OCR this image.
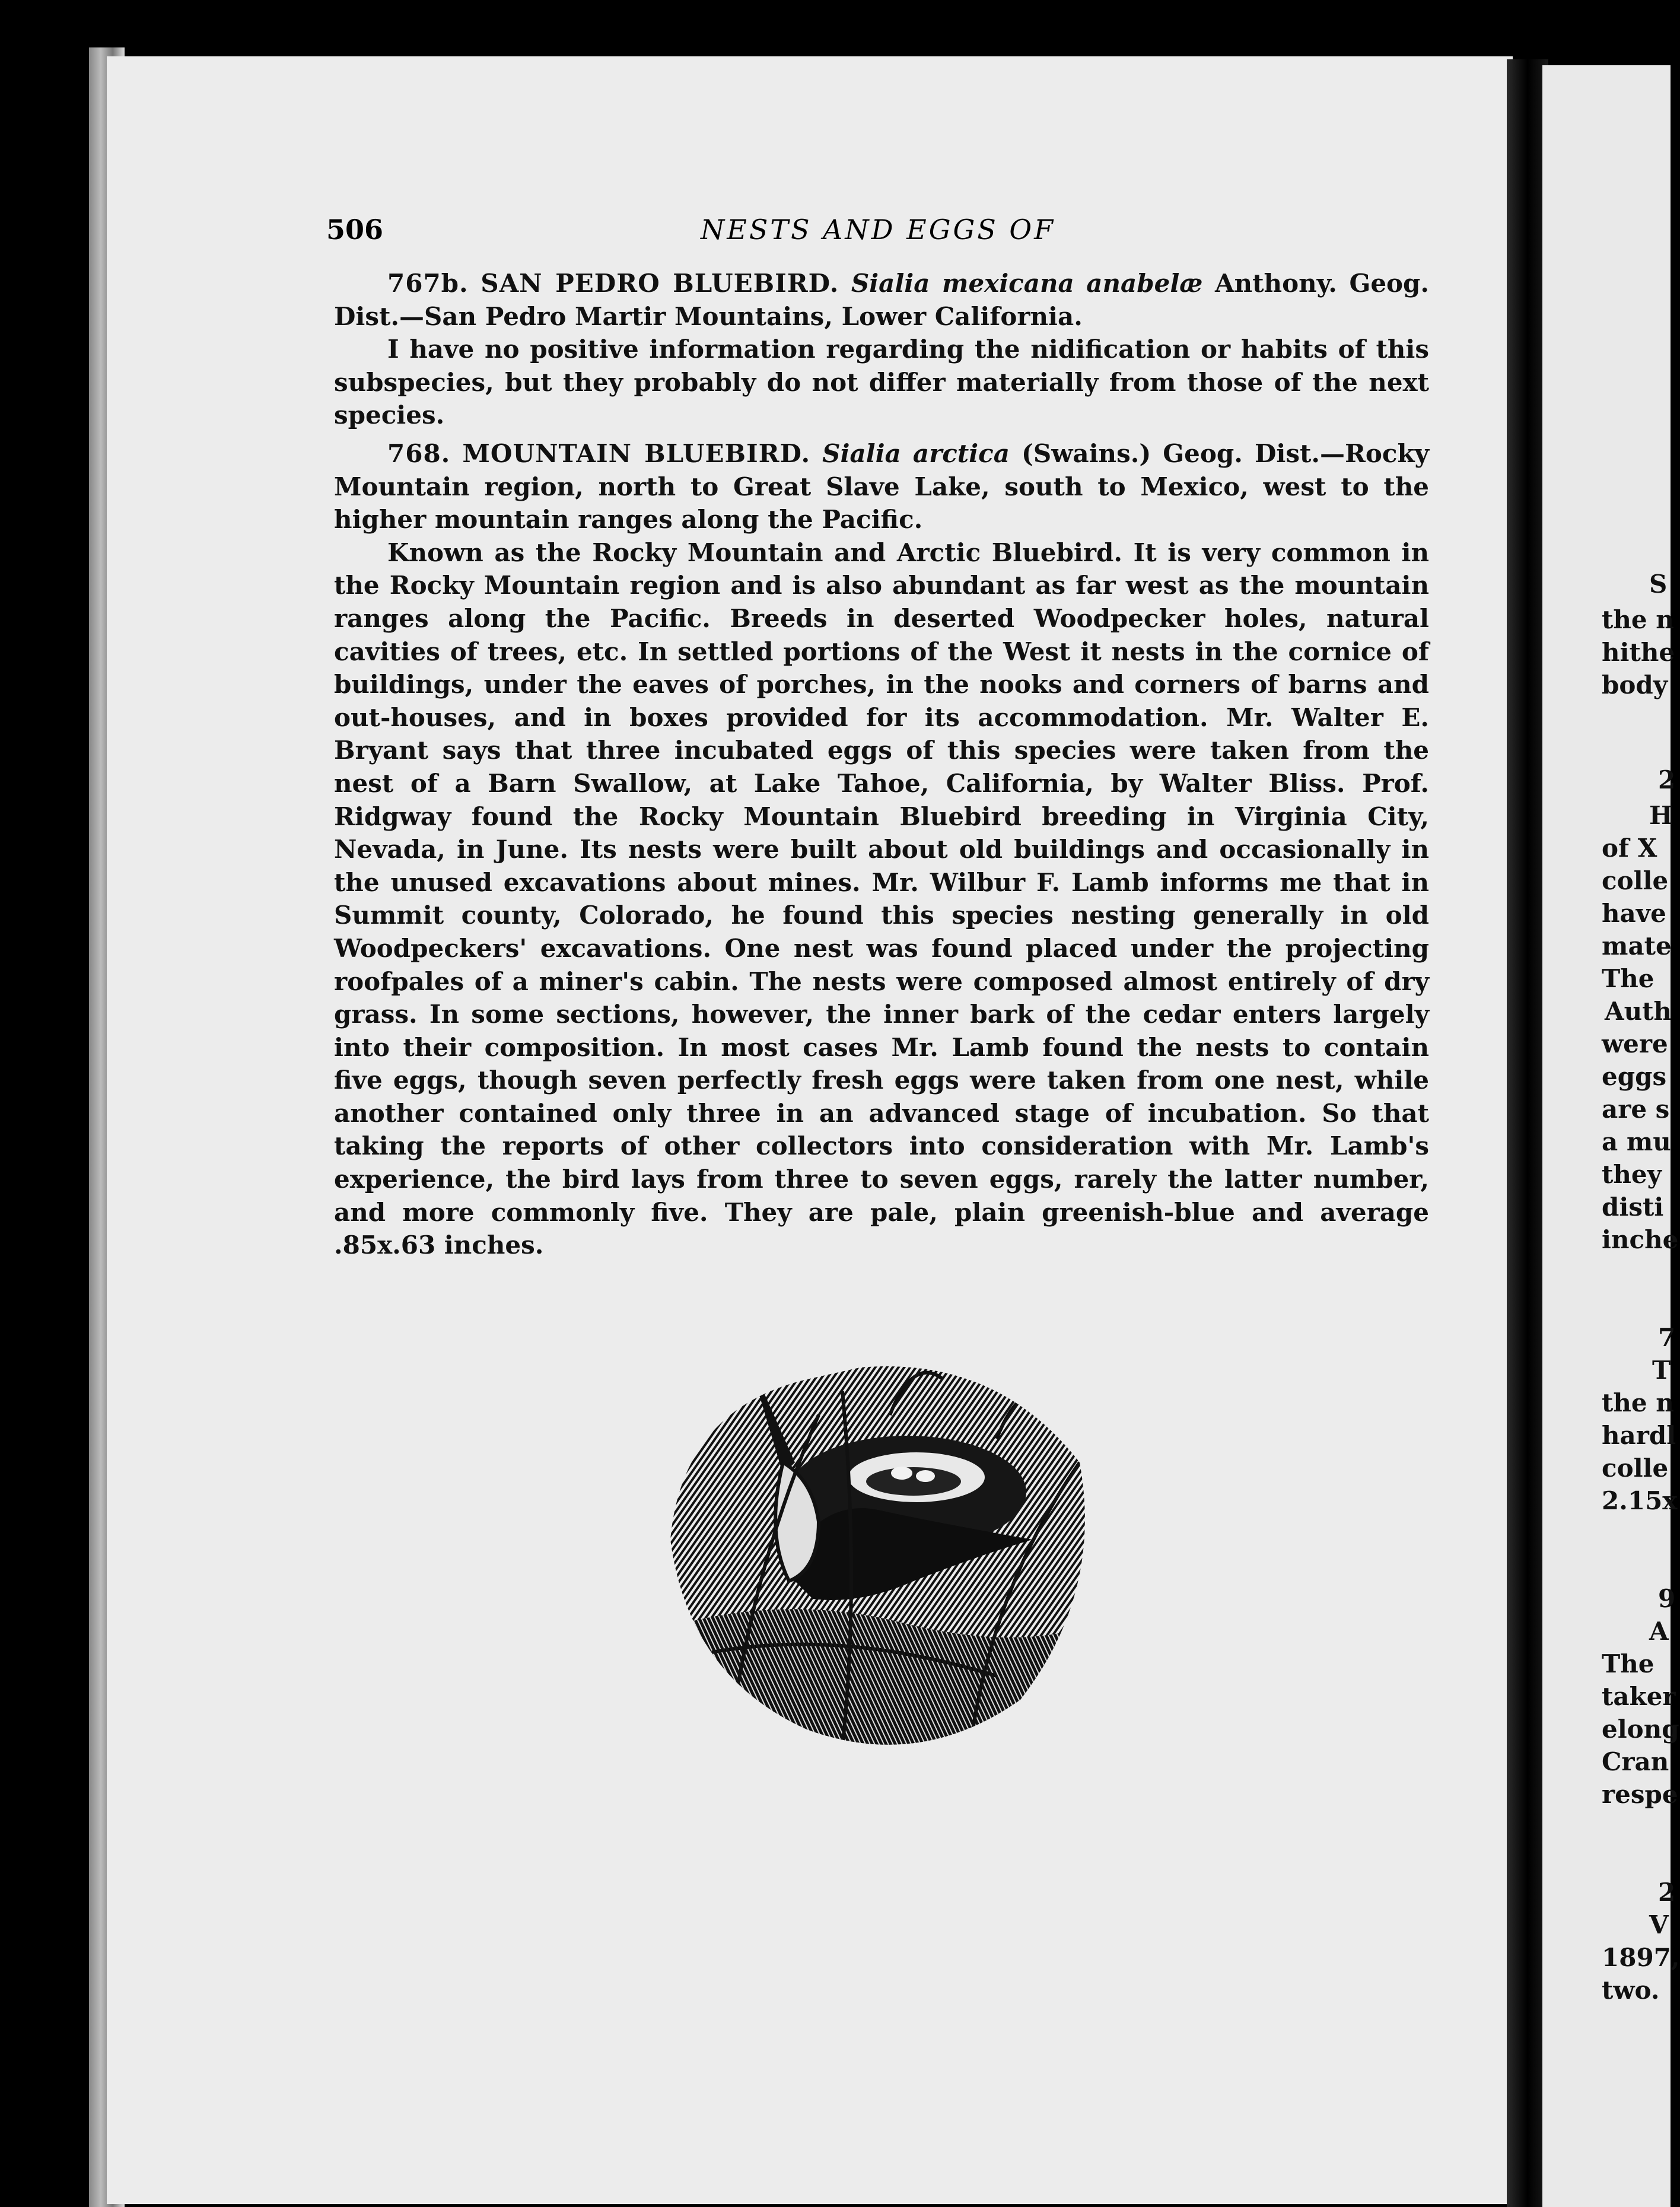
506	NESTS AND EGGS OF

767b. SAN PEDRO BLUEBIRD. Sialia mexicana anabelæ Anthony. Geog. Dist.—San Pedro Martir Mountains, Lower California.

I have no positive information regarding the nidification or habits of this subspecies, but they probably do not differ materially from those of the next species.

768. MOUNTAIN BLUEBIRD. Sialia arctica (Swains.) Geog. Dist.—Rocky Mountain region, north to Great Slave Lake, south to Mexico, west to the higher mountain ranges along the Pacific.

Known as the Rocky Mountain and Arctic Bluebird. It is very common in the Rocky Mountain region and is also abundant as far west as the mountain ranges along the Pacific. Breeds in deserted Woodpecker holes, natural cavities of trees, etc. In settled portions of the West it nests in the cornice of buildings, under the eaves of porches, in the nooks and corners of barns and out-houses, and in boxes provided for its accommodation. Mr. Walter E. Bryant says that three incubated eggs of this species were taken from the nest of a Barn Swallow, at Lake Tahoe, California, by Walter Bliss. Prof. Ridgway found the Rocky Mountain Bluebird breeding in Virginia City, Nevada, in June. Its nests were built about old buildings and occasionally in the unused excavations about mines. Mr. Wilbur F. Lamb informs me that in Summit county, Colorado, he found this species nesting generally in old Woodpeckers' excavations. One nest was found placed under the projecting roofpales of a miner's cabin. The nests were composed almost entirely of dry grass. In some sections, however, the inner bark of the cedar enters largely into their composition. In most cases Mr. Lamb found the nests to contain five eggs, though seven perfectly fresh eggs were taken from one nest, while another contained only three in an advanced stage of incubation. So that taking the reports of other collectors into consideration with Mr. Lamb's experience, the bird lays from three to seven eggs, rarely the latter number, and more commonly five. They are pale, plain greenish-blue and average .85x.63 inches.

S
the n
hithe
body
2
H
of X
colle
have
mate
The
Auth
were
eggs
are s
a mu
they
disti
inche
7
T
the n
hardl
colle
2.15x
9
A
The
taker
elong
Cran
respe
2
V
1897,
two.
